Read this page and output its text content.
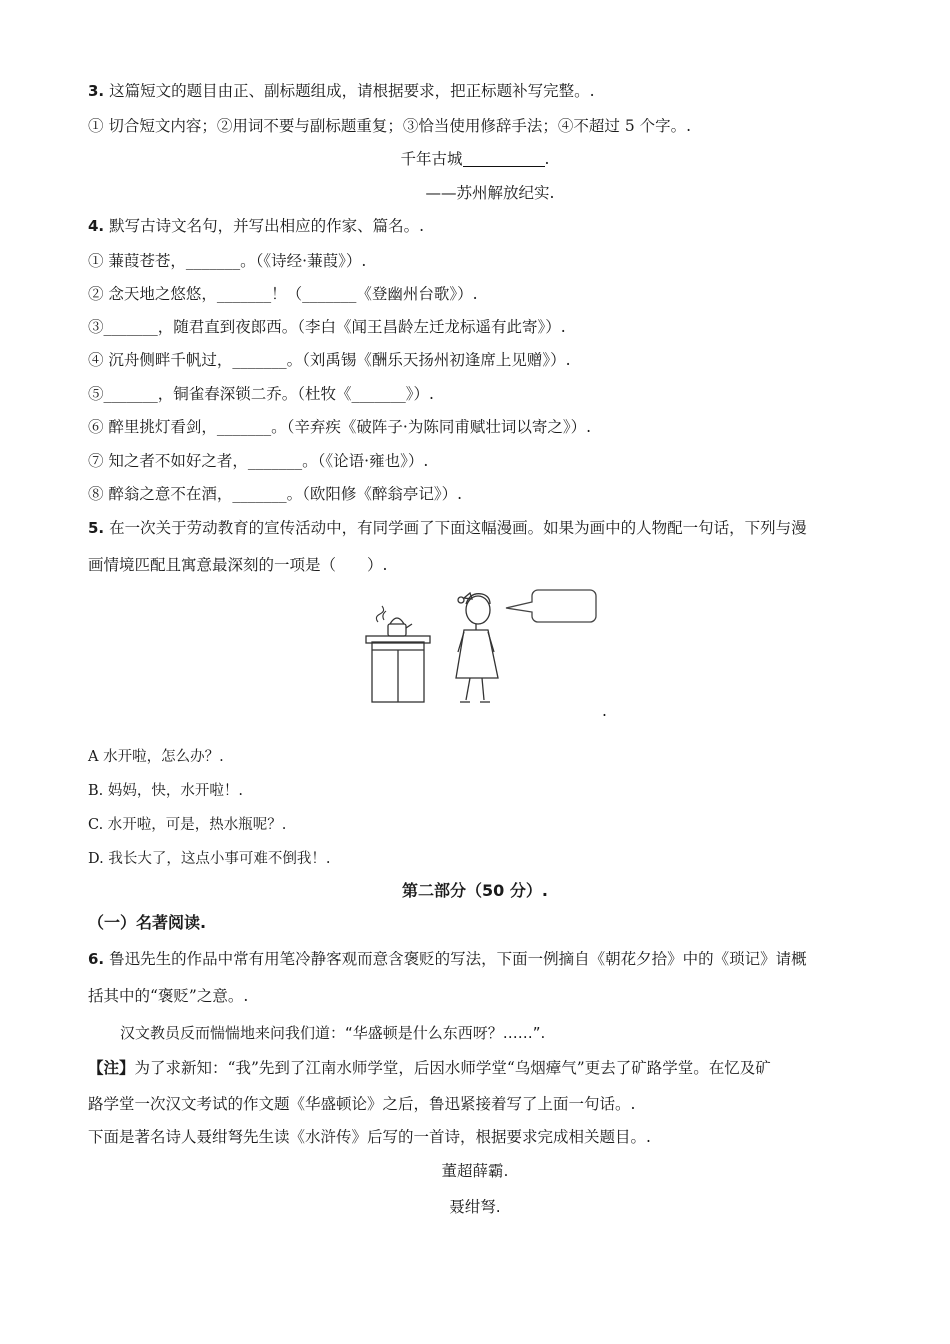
3. 这篇短文的题目由正、副标题组成，请根据要求，把正标题补写完整。.
① 切合短文内容；②用词不要与副标题重复；③恰当使用修辞手法；④不超过 5 个字。.
千年古城	.
——苏州解放纪实.
4. 默写古诗文名句，并写出相应的作家、篇名。.
① 蒹葭苍苍，_______。（《诗经·蒹葭》）.
② 念天地之悠悠，_______！（_______《登幽州台歌》）.
③_______，随君直到夜郎西。（李白《闻王昌龄左迁龙标遥有此寄》）.
④ 沉舟侧畔千帆过，_______。（刘禹锡《酬乐天扬州初逢席上见赠》）.
⑤_______，铜雀春深锁二乔。（杜牧《_______》）.
⑥ 醉里挑灯看剑，_______。（辛弃疾《破阵子·为陈同甫赋壮词以寄之》）.
⑦ 知之者不如好之者，_______。（《论语·雍也》）.
⑧ 醉翁之意不在酒，_______。（欧阳修《醉翁亭记》）.
5. 在一次关于劳动教育的宣传活动中，有同学画了下面这幅漫画。如果为画中的人物配一句话，下列与漫
画情境匹配且寓意最深刻的一项是（　　）.
.
A 水开啦，怎么办？.
B. 妈妈，快，水开啦！.
C. 水开啦，可是，热水瓶呢？.
D. 我长大了，这点小事可难不倒我！.
第二部分（50 分）.
（一）名著阅读.
6. 鲁迅先生的作品中常有用笔冷静客观而意含褒贬的写法，下面一例摘自《朝花夕拾》中的《琐记》请概
括其中的“褒贬”之意。.
汉文教员反而惴惴地来问我们道：“华盛顿是什么东西呀？……”.
【注】为了求新知：“我”先到了江南水师学堂，后因水师学堂“乌烟瘴气”更去了矿路学堂。在忆及矿
路学堂一次汉文考试的作文题《华盛顿论》之后，鲁迅紧接着写了上面一句话。.
下面是著名诗人聂绀弩先生读《水浒传》后写的一首诗，根据要求完成相关题目。.
董超薛霸.
聂绀弩.
